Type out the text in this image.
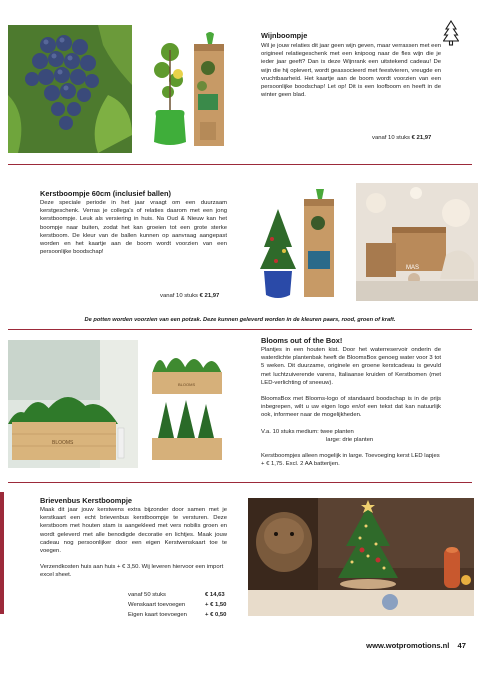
Wijnboompje

Wil je jouw relaties dit jaar geen wijn geven, maar verrassen met een origineel relatiegeschenk met een knipoog naar de fles wijn die je ieder jaar geeft? Dan is deze Wijnrank een uitstekend cadeau! De wijn die hij oplevert, wordt geassocieerd met feestvieren, vreugde en vruchtbaarheid. Het kaartje aan de boom wordt voorzien van een persoonlijke boodschap! Let op! Dit is een loofboom en heeft in de winter geen blad.

vanaf 10 stuks € 21,97
Kerstboompje 60cm (inclusief ballen)

Deze speciale periode in het jaar vraagt om een duurzaam kerstgeschenk. Verras je collega's of relaties daarom met een jong kerstboompje. Leuk als versiering in huis. Na Oud & Nieuw kan het boompje naar buiten, zodat het kan groeien tot een grote sterke kerstboom. De kleur van de ballen kunnen op aanvraag aangepast worden en het kaartje aan de boom wordt voorzien van een persoonlijke boodschap!

vanaf 10 stuks € 21,97
MAS
De potten worden voorzien van een potzak. Deze kunnen geleverd worden in de kleuren paars, rood, groen of kraft.
BLOOMS
BLOOMS
Blooms out of the Box!

Plantjes in een houten kist. Door het waterreservoir onderin de waterdichte plantenbak heeft de BloomsBox genoeg water voor 3 tot 5 weken. Dit duurzame, originele en groene kerstcadeau is gevuld met luchtzuiverende varens, Italiaanse kruiden of Kerstbomen (met LED-verlichting of sneeuw).

BloomsBox met Blooms-logo of standaard boodschap is in de prijs inbegrepen, wilt u uw eigen logo en/of een tekst dat kan natuurlijk ook, informeer naar de mogelijkheden.

V.a. 10 stuks medium: twee planten

large: drie planten

Kerstboompjes alleen mogelijk in large. Toevoeging kerst LED lapjes + € 1,75. Excl. 2 AA batterijen.

Brievenbus Kerstboompje

Maak dit jaar jouw kerstwens extra bijzonder door samen met je kerstkaart een echt brievenbus kerstboompje te versturen. Deze kerstboom met houten stam is aangekleed met vers nobilis groen en wordt geleverd met alle benodigde decoratie en lichtjes. Maak jouw cadeau nog persoonlijker door een eigen Kerstwenskaart toe te voegen.

Verzendkosten huis aan huis + € 3,50. Wij leveren hiervoor een import excel sheet.

vanaf 50 stuks	€ 14,63
Wenskaart toevoegen	+ € 1,50
Eigen kaart toevoegen	+ € 0,50
www.wotpromotions.nl 47
